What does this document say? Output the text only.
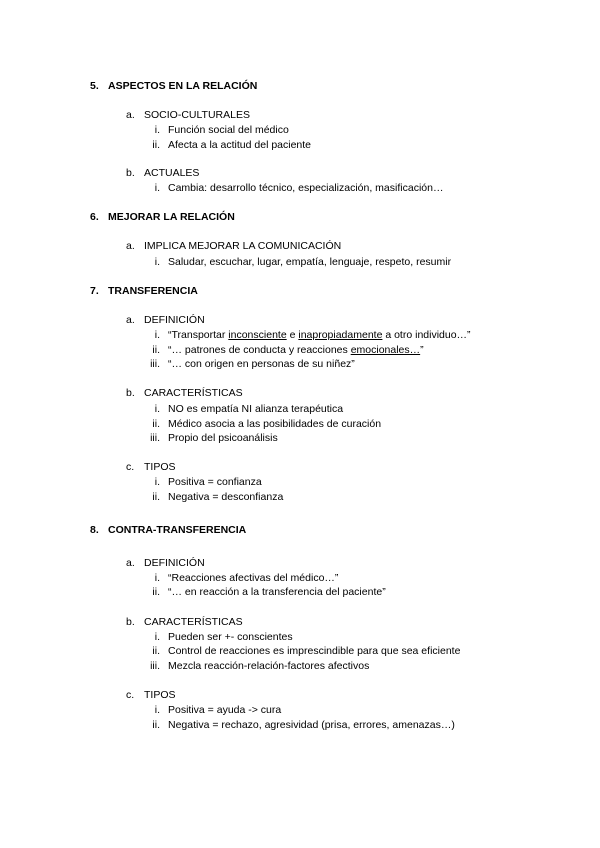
5. ASPECTOS EN LA RELACIÓN
a. SOCIO-CULTURALES
i. Función social del médico
ii. Afecta a la actitud del paciente
b. ACTUALES
i. Cambia: desarrollo técnico, especialización, masificación…
6. MEJORAR LA RELACIÓN
a. IMPLICA MEJORAR LA COMUNICACIÓN
i. Saludar, escuchar, lugar, empatía, lenguaje, respeto, resumir
7. TRANSFERENCIA
a. DEFINICIÓN
i. “Transportar inconsciente e inapropiadamente a otro individuo…”
ii. “… patrones de conducta y reacciones emocionales…”
iii. “… con origen en personas de su niñez”
b. CARACTERÍSTICAS
i. NO es empatía NI alianza terapéutica
ii. Médico asocia a las posibilidades de curación
iii. Propio del psicoanálisis
c. TIPOS
i. Positiva = confianza
ii. Negativa = desconfianza
8. CONTRA-TRANSFERENCIA
a. DEFINICIÓN
i. “Reacciones afectivas del médico…”
ii. “… en reacción a la transferencia del paciente”
b. CARACTERÍSTICAS
i. Pueden ser +- conscientes
ii. Control de reacciones es imprescindible para que sea eficiente
iii. Mezcla reacción-relación-factores afectivos
c. TIPOS
i. Positiva = ayuda -> cura
ii. Negativa = rechazo, agresividad (prisa, errores, amenazas…)
